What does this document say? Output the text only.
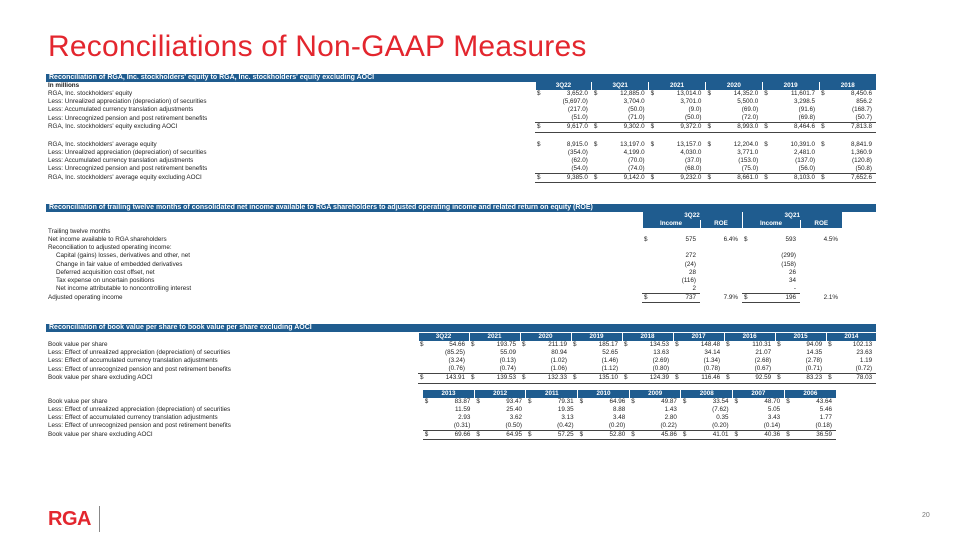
Reconciliations of Non-GAAP Measures
Reconciliation of RGA, Inc. stockholders' equity to RGA, Inc. stockholders' equity excluding AOCI
In millions	3Q22		3Q21		2021		2020		2019		2018	
RGA, Inc. stockholders' equity	$	3,652.0	$	12,885.0	$	13,014.0	$	14,352.0	$	11,601.7	$	8,450.6
Less: Unrealized appreciation (depreciation) of securities		(5,697.0)		3,704.0		3,701.0		5,500.0		3,298.5		856.2
Less: Accumulated currency translation adjustments		(217.0)		(50.0)		(9.0)		(69.0)		(91.6)		(168.7)
Less: Unrecognized pension and post retirement benefits		(51.0)		(71.0)		(50.0)		(72.0)		(69.8)		(50.7)
RGA, Inc. stockholders' equity excluding AOCI	$	9,617.0	$	9,302.0	$	9,372.0	$	8,993.0	$	8,464.6	$	7,813.8

RGA, Inc. stockholders' average equity	$	8,915.0	$	13,197.0	$	13,157.0	$	12,204.0	$	10,391.0	$	8,841.9
Less: Unrealized appreciation (depreciation) of securities		(354.0)		4,199.0		4,030.0		3,771.0		2,481.0		1,360.9
Less: Accumulated currency translation adjustments		(62.0)		(70.0)		(37.0)		(153.0)		(137.0)		(120.8)
Less: Unrecognized pension and post retirement benefits		(54.0)		(74.0)		(68.0)		(75.0)		(56.0)		(50.8)
RGA, Inc. stockholders' average equity excluding AOCI	$	9,385.0	$	9,142.0	$	9,232.0	$	8,661.0	$	8,103.0	$	7,652.6
Reconciliation of trailing twelve months of consolidated net income available to RGA shareholders to adjusted operating income and related return on equity (ROE)
	3Q22			3Q21			
	Income		ROE	Income		ROE	
Trailing twelve months							
Net income available to RGA shareholders	$	575	6.4%	$	593	4.5%	
Reconciliation to adjusted operating income:							
Capital (gains) losses, derivatives and other, net		272			(299)		
Change in fair value of embedded derivatives		(24)			(158)		
Deferred acquisition cost offset, net		28			26		
Tax expense on uncertain positions		(116)			34		
Net income attributable to noncontrolling interest		2			-		
Adjusted operating income	$	737	7.9%	$	196	2.1%	
Reconciliation of book value per share to book value per share excluding AOCI
	3Q22		2021		2020		2019		2018		2017		2016		2015		2014	
Book value per share	$	54.66	$	193.75	$	211.19	$	185.17	$	134.53	$	148.48	$	110.31	$	94.09	$	102.13
Less: Effect of unrealized appreciation (depreciation) of securities		(85.25)		55.09		80.94		52.65		13.63		34.14		21.07		14.35		23.63
Less: Effect of accumulated currency translation adjustments		(3.24)		(0.13)		(1.02)		(1.46)		(2.69)		(1.34)		(2.68)		(2.78)		1.19
Less: Effect of unrecognized pension and post retirement benefits		(0.76)		(0.74)		(1.06)		(1.12)		(0.80)		(0.78)		(0.67)		(0.71)		(0.72)
Book value per share excluding AOCI	$	143.91	$	139.53	$	132.33	$	135.10	$	124.39	$	116.46	$	92.59	$	83.23	$	78.03
	2013		2012		2011		2010		2009		2008		2007		2006	
Book value per share	$	83.87	$	93.47	$	79.31	$	64.96	$	49.87	$	33.54	$	48.70	$	43.64
Less: Effect of unrealized appreciation (depreciation) of securities		11.59		25.40		19.35		8.88		1.43		(7.62)		5.05		5.46
Less: Effect of accumulated currency translation adjustments		2.93		3.62		3.13		3.48		2.80		0.35		3.43		1.77
Less: Effect of unrecognized pension and post retirement benefits		(0.31)		(0.50)		(0.42)		(0.20)		(0.22)		(0.20)		(0.14)		(0.18)
Book value per share excluding AOCI	$	69.66	$	64.95	$	57.25	$	52.80	$	45.86	$	41.01	$	40.36	$	36.59
RGA	20
